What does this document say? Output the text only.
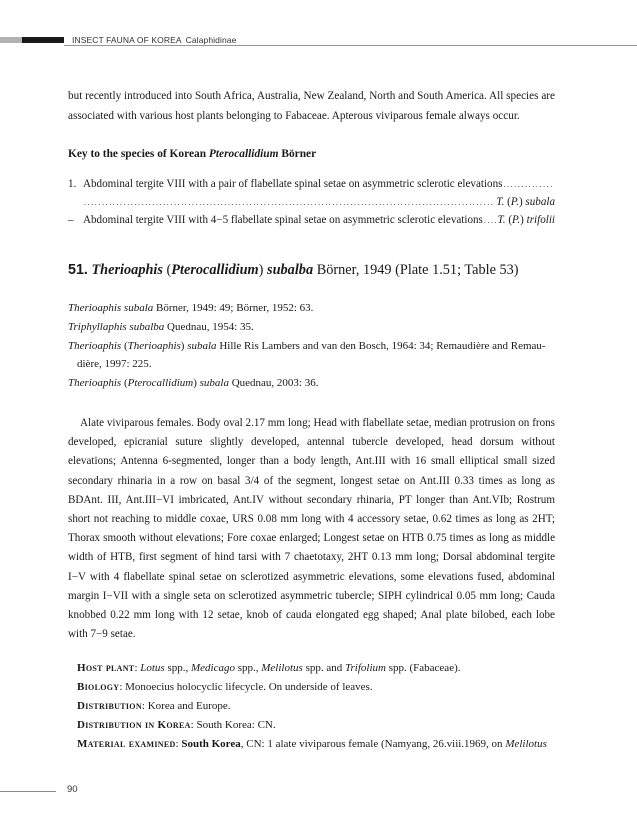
INSECT FAUNA OF KOREA Calaphidinae

but recently introduced into South Africa, Australia, New Zealand, North and South America. All species are associated with various host plants belonging to Fabaceae. Apterous viviparous female always occur.

Key to the species of Korean Pterocallidium Börner

1. Abdominal tergite VIII with a pair of flabellate spinal setae on asymmetric sclerotic elevations
.....
.....
T. (P.) subala
– Abdominal tergite VIII with 4−5 flabellate spinal setae on asymmetric sclerotic elevations
..... T. (P.) trifolii
51. Therioaphis (Pterocallidium) subalba Börner, 1949 (Plate 1.51; Table 53)
Therioaphis subala Börner, 1949: 49; Börner, 1952: 63.
Triphyllaphis subalba Quednau, 1954: 35.
Therioaphis (Therioaphis) subala Hille Ris Lambers and van den Bosch, 1964: 34; Remaudière and Remau-
dière, 1997: 225.
Therioaphis (Pterocallidium) subala Quednau, 2003: 36.

Alate viviparous females. Body oval 2.17 mm long; Head with flabellate setae, median protrusion on frons developed, epicranial suture slightly developed, antennal tubercle developed, head dorsum without elevations; Antenna 6-segmented, longer than a body length, Ant.III with 16 small elliptical small sized secondary rhinaria in a row on basal 3/4 of the segment, longest setae on Ant.III 0.33 times as long as BDAnt. III, Ant.III−VI imbricated, Ant.IV without secondary rhinaria, PT longer than Ant.VIb; Rostrum short not reaching to middle coxae, URS 0.08 mm long with 4 accessory setae, 0.62 times as long as 2HT; Thorax smooth without elevations; Fore coxae enlarged; Longest setae on HTB 0.75 times as long as middle width of HTB, first segment of hind tarsi with 7 chaetotaxy, 2HT 0.13 mm long; Dorsal abdominal tergite I−V with 4 flabellate spinal setae on sclerotized asymmetric elevations, some elevations fused, abdominal margin I−VII with a single seta on sclerotized asymmetric tubercle; SIPH cylindrical 0.05 mm long; Cauda knobbed 0.22 mm long with 12 setae, knob of cauda elongated egg shaped; Anal plate bilobed, each lobe with 7−9 setae.

Host plant: Lotus spp., Medicago spp., Melilotus spp. and Trifolium spp. (Fabaceae).
Biology: Monoecius holocyclic lifecycle. On underside of leaves.
Distribution: Korea and Europe.
Distribution in Korea: South Korea: CN.
Material examined: South Korea, CN: 1 alate viviparous female (Namyang, 26.viii.1969, on Melilotus
90
